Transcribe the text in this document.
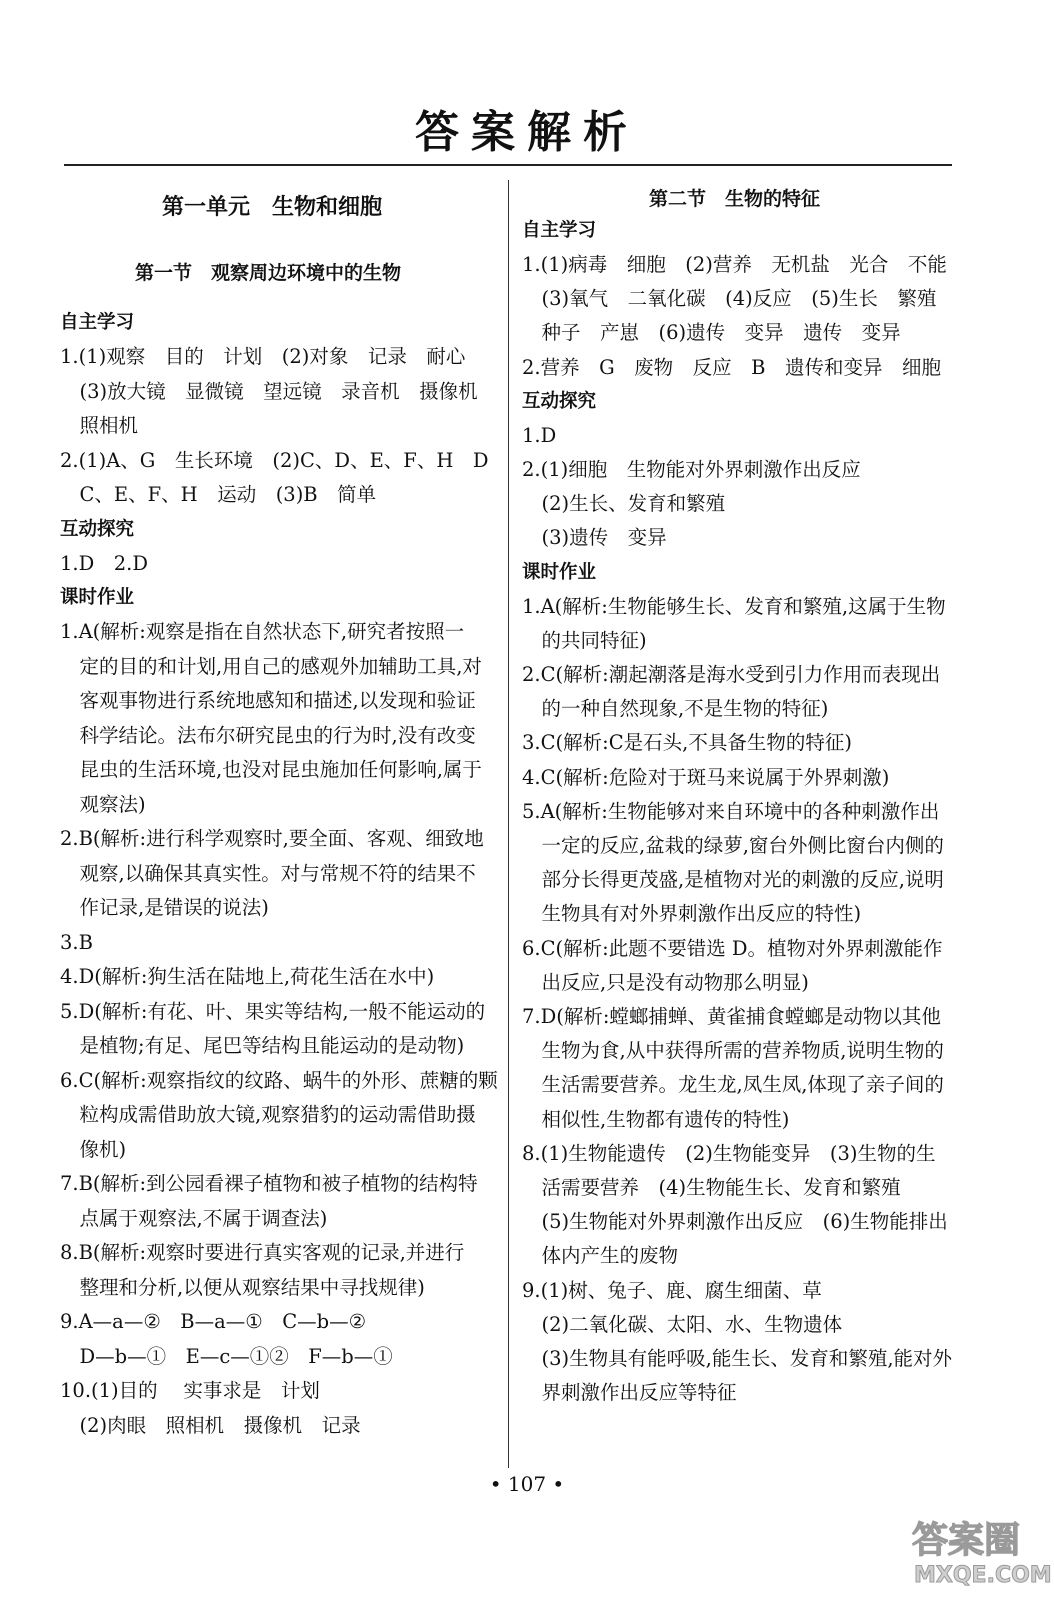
答案解析
第一单元　生物和细胞
第一节　观察周边环境中的生物
自主学习
1.(1)观察　目的　计划　(2)对象　记录　耐心
　(3)放大镜　显微镜　望远镜　录音机　摄像机
　照相机
2.(1)A、G　生长环境　(2)C、D、E、F、H　D
　C、E、F、H　运动　(3)B　简单
互动探究
1.D　2.D
课时作业
1.A(解析:观察是指在自然状态下,研究者按照一
　定的目的和计划,用自己的感观外加辅助工具,对
　客观事物进行系统地感知和描述,以发现和验证
　科学结论。法布尔研究昆虫的行为时,没有改变
　昆虫的生活环境,也没对昆虫施加任何影响,属于
　观察法)
2.B(解析:进行科学观察时,要全面、客观、细致地
　观察,以确保其真实性。对与常规不符的结果不
　作记录,是错误的说法)
3.B
4.D(解析:狗生活在陆地上,荷花生活在水中)
5.D(解析:有花、叶、果实等结构,一般不能运动的
　是植物;有足、尾巴等结构且能运动的是动物)
6.C(解析:观察指纹的纹路、蜗牛的外形、蔗糖的颗
　粒构成需借助放大镜,观察猎豹的运动需借助摄
　像机)
7.B(解析:到公园看裸子植物和被子植物的结构特
　点属于观察法,不属于调查法)
8.B(解析:观察时要进行真实客观的记录,并进行
　整理和分析,以便从观察结果中寻找规律)
9.A—a—②　B—a—①　C—b—②
　D—b—①　E—c—①②　F—b—①
10.(1)目的　 实事求是　计划
　(2)肉眼　照相机　摄像机　记录
第二节　生物的特征
自主学习
1.(1)病毒　细胞　(2)营养　无机盐　光合　不能
　(3)氧气　二氧化碳　(4)反应　(5)生长　繁殖
　种子　产崽　(6)遗传　变异　遗传　变异
2.营养　G　废物　反应　B　遗传和变异　细胞
互动探究
1.D
2.(1)细胞　生物能对外界刺激作出反应
　(2)生长、发育和繁殖
　(3)遗传　变异
课时作业
1.A(解析:生物能够生长、发育和繁殖,这属于生物
　的共同特征)
2.C(解析:潮起潮落是海水受到引力作用而表现出
　的一种自然现象,不是生物的特征)
3.C(解析:C是石头,不具备生物的特征)
4.C(解析:危险对于斑马来说属于外界刺激)
5.A(解析:生物能够对来自环境中的各种刺激作出
　一定的反应,盆栽的绿萝,窗台外侧比窗台内侧的
　部分长得更茂盛,是植物对光的刺激的反应,说明
　生物具有对外界刺激作出反应的特性)
6.C(解析:此题不要错选 D。植物对外界刺激能作
　出反应,只是没有动物那么明显)
7.D(解析:螳螂捕蝉、黄雀捕食螳螂是动物以其他
　生物为食,从中获得所需的营养物质,说明生物的
　生活需要营养。龙生龙,凤生凤,体现了亲子间的
　相似性,生物都有遗传的特性)
8.(1)生物能遗传　(2)生物能变异　(3)生物的生
　活需要营养　(4)生物能生长、发育和繁殖
　(5)生物能对外界刺激作出反应　(6)生物能排出
　体内产生的废物
9.(1)树、兔子、鹿、腐生细菌、草
　(2)二氧化碳、太阳、水、生物遗体
　(3)生物具有能呼吸,能生长、发育和繁殖,能对外
　界刺激作出反应等特征
• 107 •
答案圈
MXQE.COM
